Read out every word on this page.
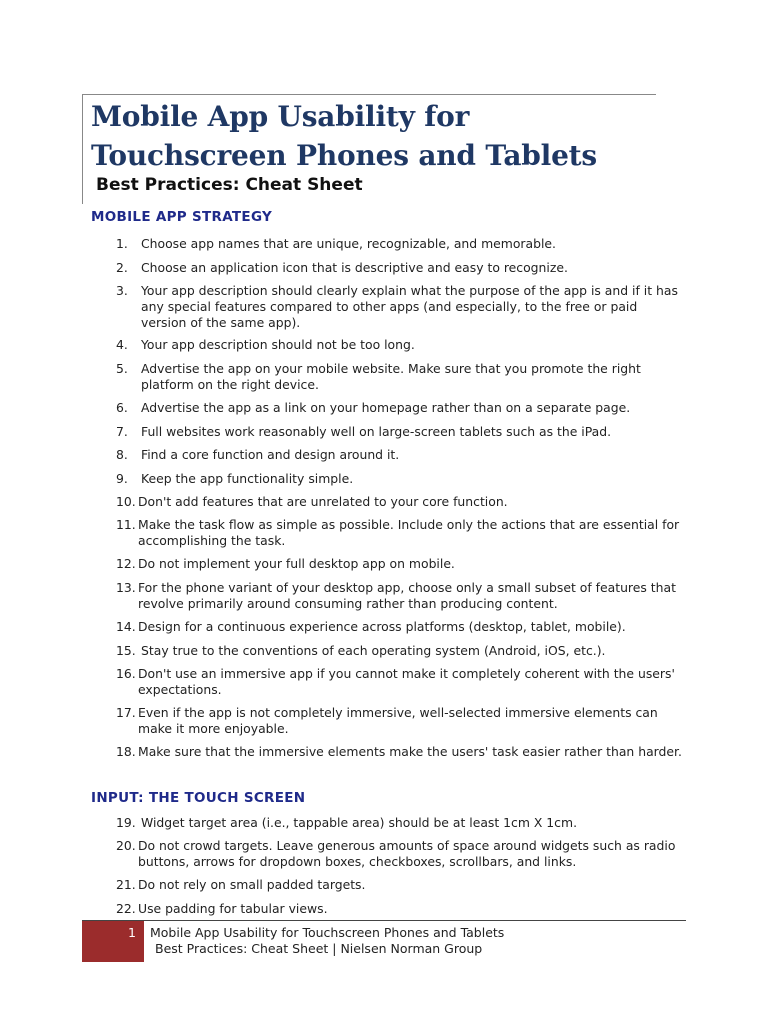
Mobile App Usability for
Touchscreen Phones and Tablets
Best Practices: Cheat Sheet
MOBILE APP STRATEGY
1. Choose app names that are unique, recognizable, and memorable.
2. Choose an application icon that is descriptive and easy to recognize.
3. Your app description should clearly explain what the purpose of the app is and if it has any special features compared to other apps (and especially, to the free or paid version of the same app).
4. Your app description should not be too long.
5. Advertise the app on your mobile website. Make sure that you promote the right platform on the right device.
6. Advertise the app as a link on your homepage rather than on a separate page.
7. Full websites work reasonably well on large-screen tablets such as the iPad.
8. Find a core function and design around it.
9. Keep the app functionality simple.
10. Don't add features that are unrelated to your core function.
11. Make the task flow as simple as possible. Include only the actions that are essential for accomplishing the task.
12. Do not implement your full desktop app on mobile.
13. For the phone variant of your desktop app, choose only a small subset of features that revolve primarily around consuming rather than producing content.
14. Design for a continuous experience across platforms (desktop, tablet, mobile).
15. Stay true to the conventions of each operating system (Android, iOS, etc.).
16. Don't use an immersive app if you cannot make it completely coherent with the users' expectations.
17. Even if the app is not completely immersive, well-selected immersive elements can make it more enjoyable.
18. Make sure that the immersive elements make the users' task easier rather than harder.
INPUT: THE TOUCH SCREEN
19. Widget target area (i.e., tappable area) should be at least 1cm X 1cm.
20. Do not crowd targets. Leave generous amounts of space around widgets such as radio buttons, arrows for dropdown boxes, checkboxes, scrollbars, and links.
21. Do not rely on small padded targets.
22. Use padding for tabular views.
1 Mobile App Usability for Touchscreen Phones and Tablets
Best Practices: Cheat Sheet | Nielsen Norman Group
